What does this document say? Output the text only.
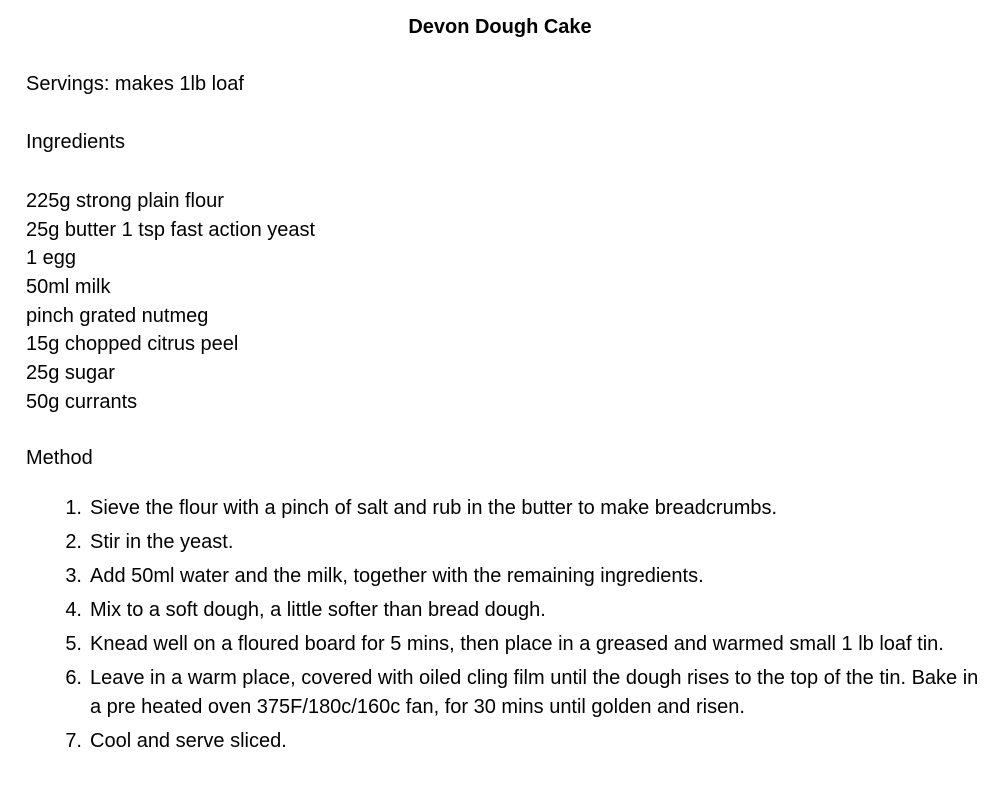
Devon Dough Cake
Servings: makes 1lb loaf
Ingredients
225g strong plain flour
25g butter 1 tsp fast action yeast
1 egg
50ml milk
pinch grated nutmeg
15g chopped citrus peel
25g sugar
50g currants
Method
1. Sieve the flour with a pinch of salt and rub in the butter to make breadcrumbs.
2. Stir in the yeast.
3. Add 50ml water and the milk, together with the remaining ingredients.
4. Mix to a soft dough, a little softer than bread dough.
5. Knead well on a floured board for 5 mins, then place in a greased and warmed small 1 lb loaf tin.
6. Leave in a warm place, covered with oiled cling film until the dough rises to the top of the tin. Bake in a pre heated oven 375F/180c/160c fan, for 30 mins until golden and risen.
7. Cool and serve sliced.
